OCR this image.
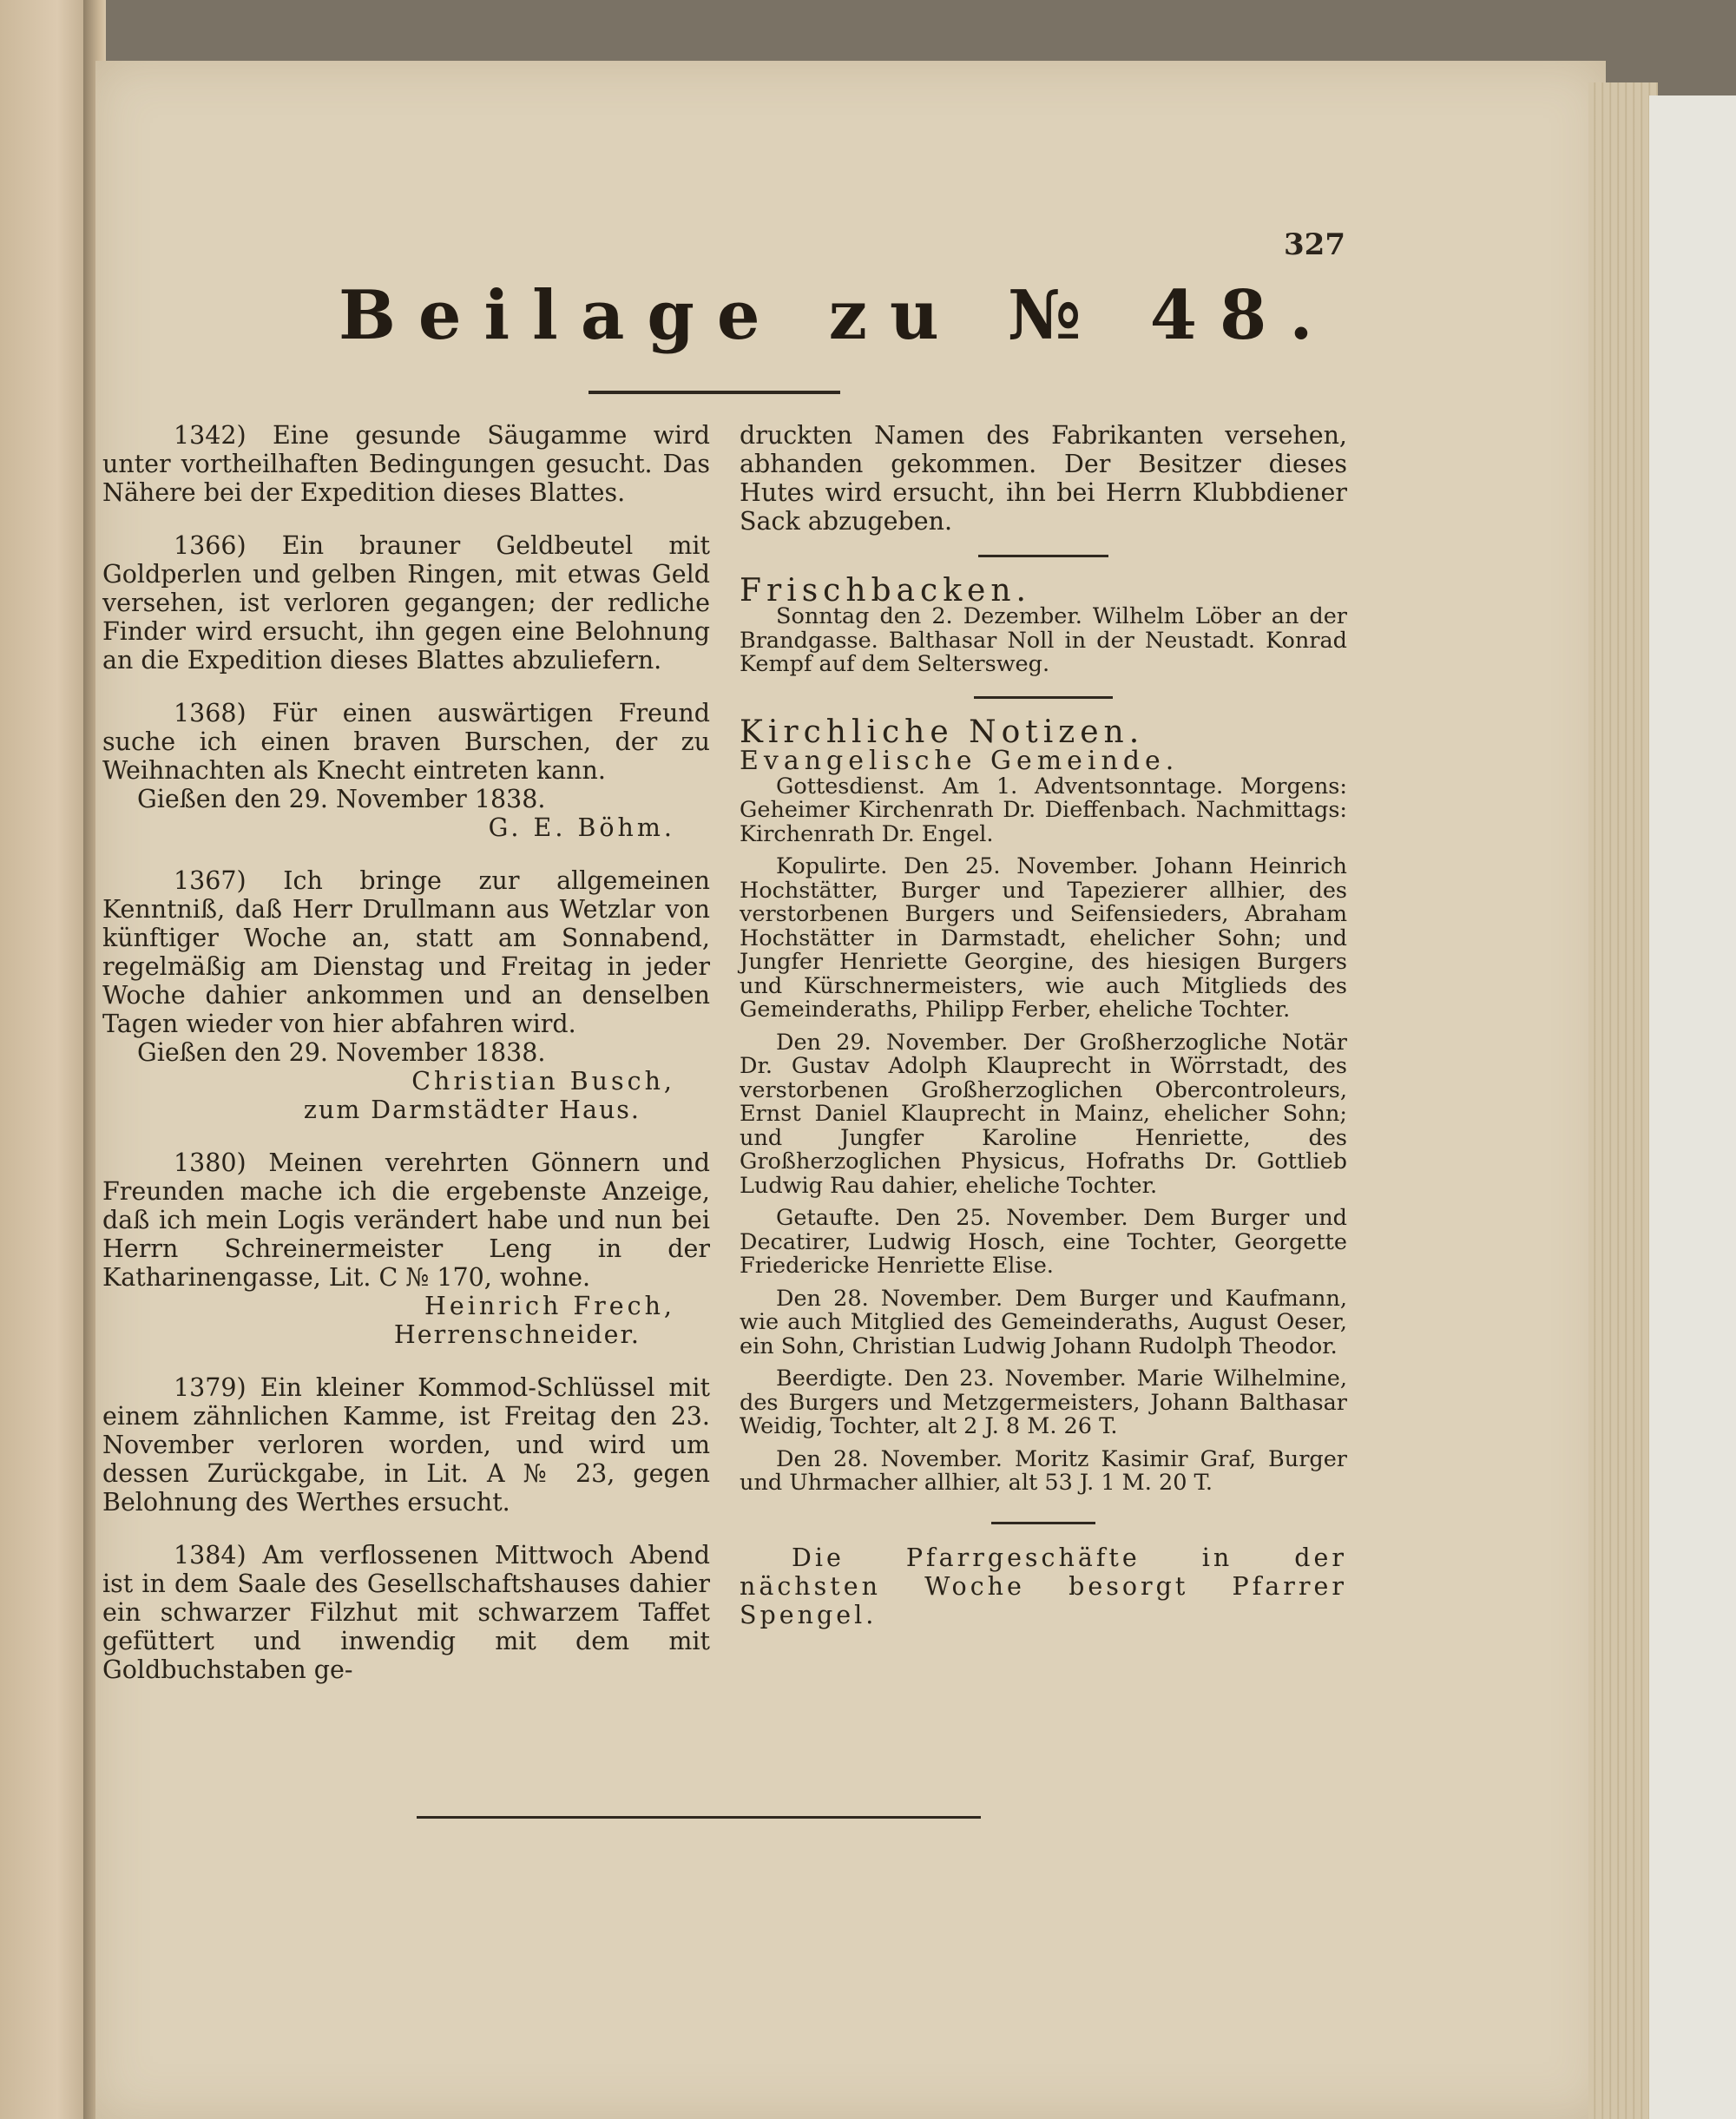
327
Beilage zu № 48.

1342) Eine gesunde Säugamme wird unter vortheilhaften Bedingungen gesucht. Das Nähere bei der Expedition dieses Blattes.

1366) Ein brauner Geldbeutel mit Goldperlen und gelben Ringen, mit etwas Geld versehen, ist verloren gegangen; der redliche Finder wird ersucht, ihn gegen eine Belohnung an die Expedition dieses Blattes abzuliefern.

1368) Für einen auswärtigen Freund suche ich einen braven Burschen, der zu Weihnachten als Knecht eintreten kann.

Gießen den 29. November 1838.

G. E. Böhm.

1367) Ich bringe zur allgemeinen Kenntniß, daß Herr Drullmann aus Wetzlar von künftiger Woche an, statt am Sonnabend, regelmäßig am Dienstag und Freitag in jeder Woche dahier ankommen und an denselben Tagen wieder von hier abfahren wird.

Gießen den 29. November 1838.

Christian Busch,

zum Darmstädter Haus.

1380) Meinen verehrten Gönnern und Freunden mache ich die ergebenste Anzeige, daß ich mein Logis verändert habe und nun bei Herrn Schreinermeister Leng in der Katharinengasse, Lit. C № 170, wohne.

Heinrich Frech,

Herrenschneider.

1379) Ein kleiner Kommod-Schlüssel mit einem zähnlichen Kamme, ist Freitag den 23. November verloren worden, und wird um dessen Zurückgabe, in Lit. A № 23, gegen Belohnung des Werthes ersucht.

1384) Am verflossenen Mittwoch Abend ist in dem Saale des Gesellschaftshauses dahier ein schwarzer Filzhut mit schwarzem Taffet gefüttert und inwendig mit dem mit Goldbuchstaben ge-

druckten Namen des Fabrikanten versehen, abhanden gekommen. Der Besitzer dieses Hutes wird ersucht, ihn bei Herrn Klubbdiener Sack abzugeben.

Frischbacken.

Sonntag den 2. Dezember. Wilhelm Löber an der Brandgasse. Balthasar Noll in der Neustadt. Konrad Kempf auf dem Seltersweg.

Kirchliche Notizen.

Evangelische Gemeinde.

Gottesdienst. Am 1. Adventsonntage. Morgens: Geheimer Kirchenrath Dr. Dieffenbach. Nachmittags: Kirchenrath Dr. Engel.

Kopulirte. Den 25. November. Johann Heinrich Hochstätter, Burger und Tapezierer allhier, des verstorbenen Burgers und Seifensieders, Abraham Hochstätter in Darmstadt, ehelicher Sohn; und Jungfer Henriette Georgine, des hiesigen Burgers und Kürschnermeisters, wie auch Mitglieds des Gemeinderaths, Philipp Ferber, eheliche Tochter.

Den 29. November. Der Großherzogliche Notär Dr. Gustav Adolph Klauprecht in Wörrstadt, des verstorbenen Großherzoglichen Obercontroleurs, Ernst Daniel Klauprecht in Mainz, ehelicher Sohn; und Jungfer Karoline Henriette, des Großherzoglichen Physicus, Hofraths Dr. Gottlieb Ludwig Rau dahier, eheliche Tochter.

Getaufte. Den 25. November. Dem Burger und Decatirer, Ludwig Hosch, eine Tochter, Georgette Friedericke Henriette Elise.

Den 28. November. Dem Burger und Kaufmann, wie auch Mitglied des Gemeinderaths, August Oeser, ein Sohn, Christian Ludwig Johann Rudolph Theodor.

Beerdigte. Den 23. November. Marie Wilhelmine, des Burgers und Metzgermeisters, Johann Balthasar Weidig, Tochter, alt 2 J. 8 M. 26 T.

Den 28. November. Moritz Kasimir Graf, Burger und Uhrmacher allhier, alt 53 J. 1 M. 20 T.

Die Pfarrgeschäfte in der nächsten Woche besorgt Pfarrer Spengel.
